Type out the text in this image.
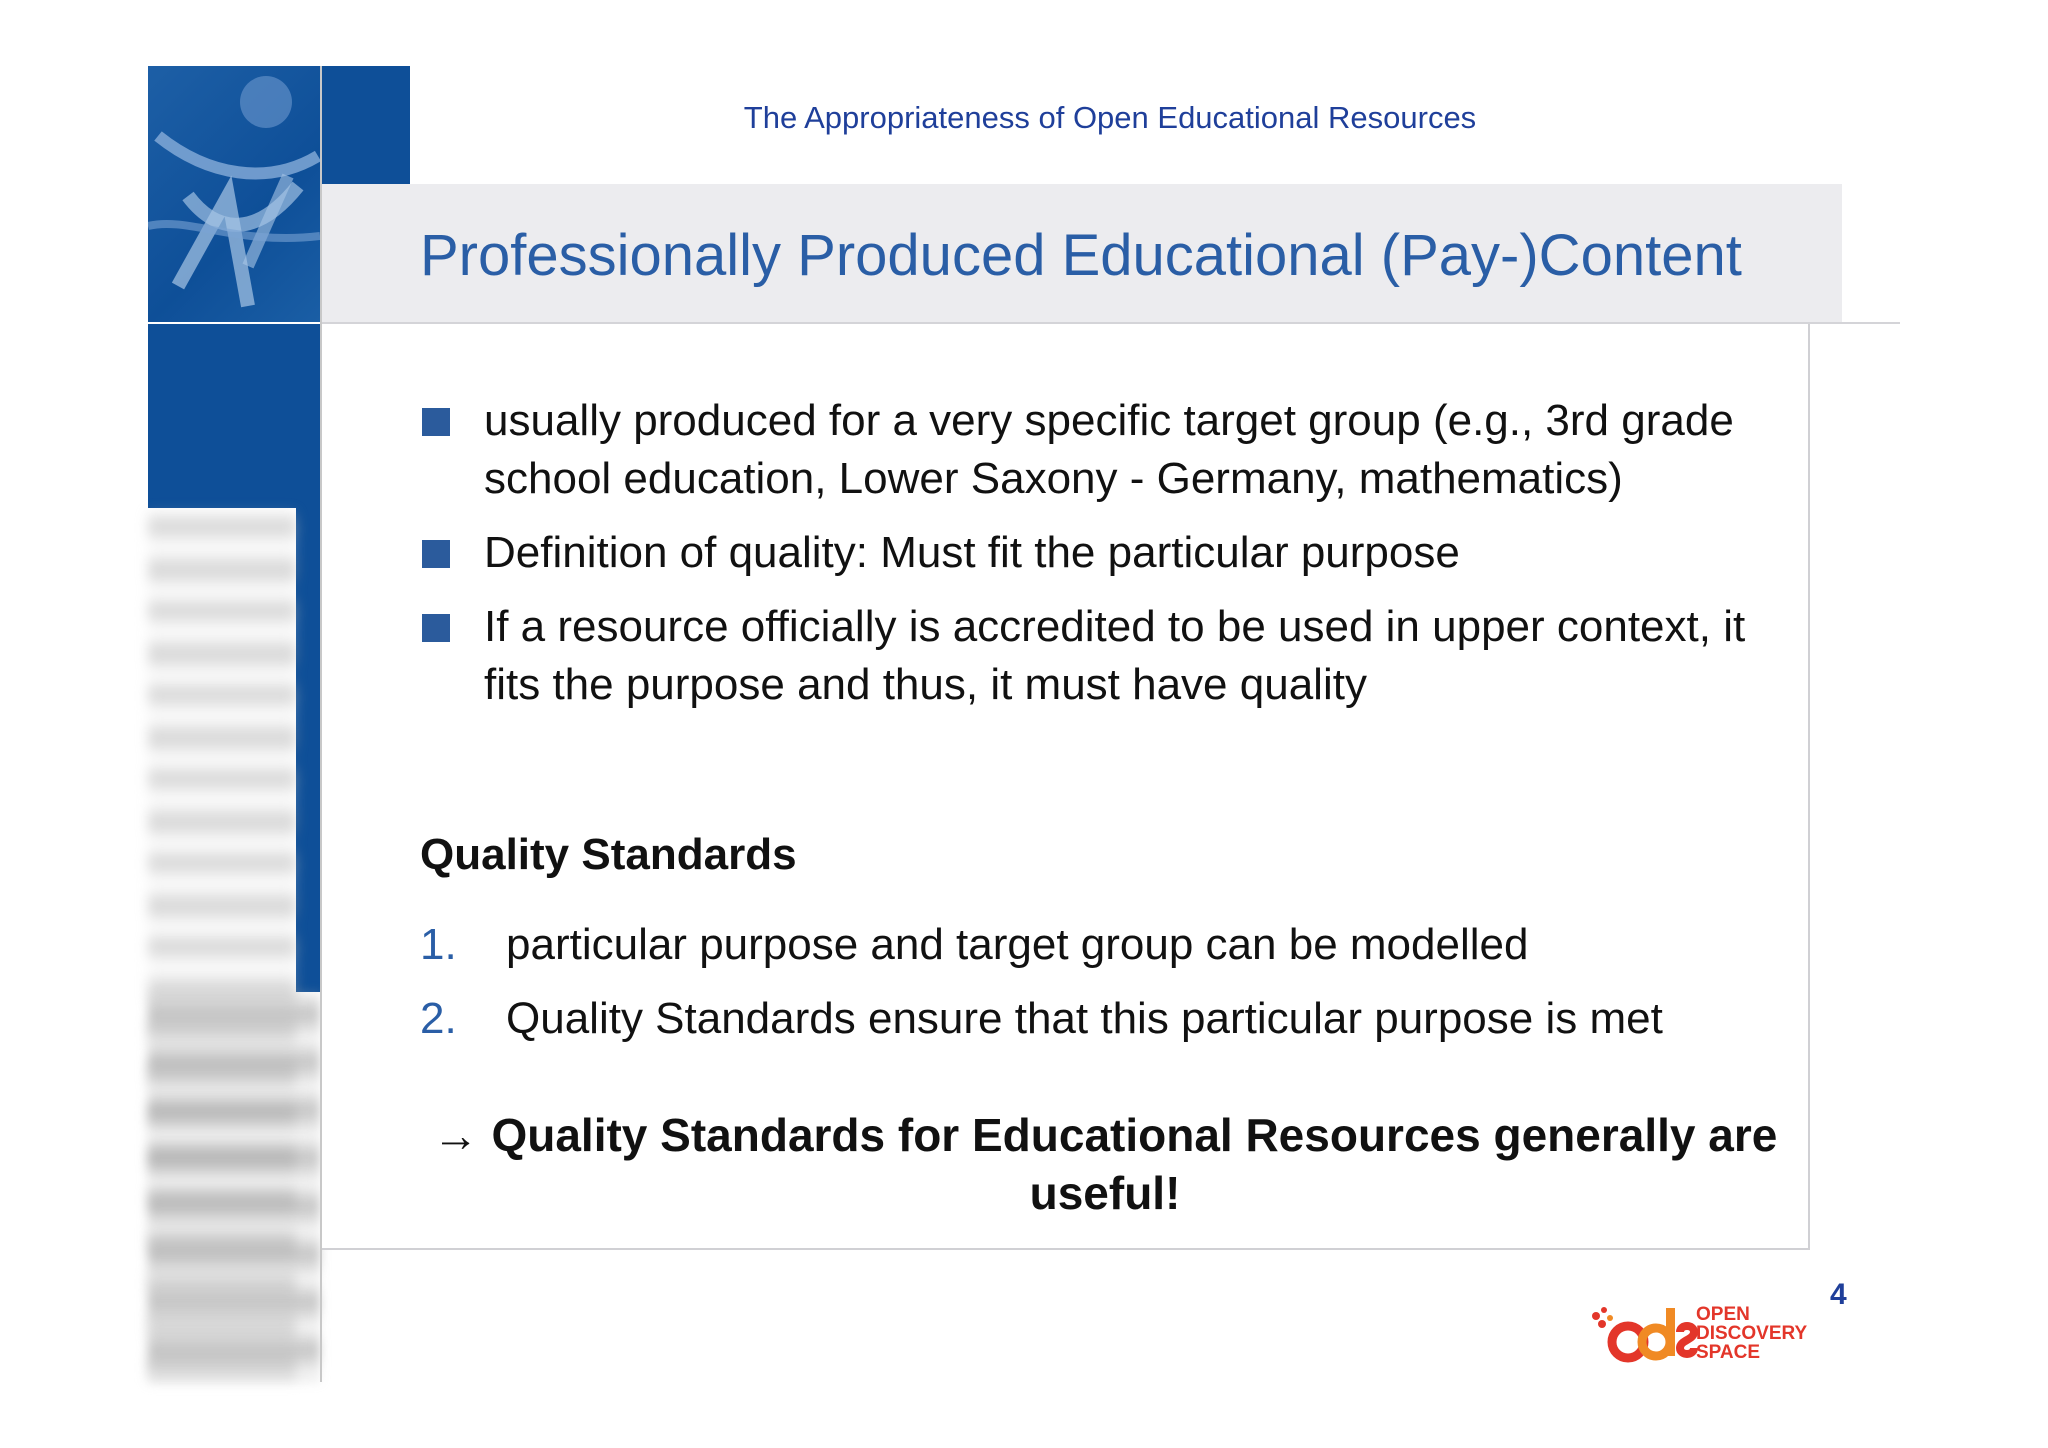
The Appropriateness of Open Educational Resources
Professionally Produced Educational (Pay-)Content
usually produced for a very specific target group (e.g., 3rd grade school education, Lower Saxony - Germany, mathematics)
Definition of quality: Must fit the particular purpose
If a resource officially is accredited to be used in upper context, it fits the purpose and thus, it must have quality
Quality Standards
1. particular purpose and target group can be modelled
2. Quality Standards ensure that this particular purpose is met
→ Quality Standards for Educational Resources generally are useful!
4
OPEN
DISCOVERY
SPACE
